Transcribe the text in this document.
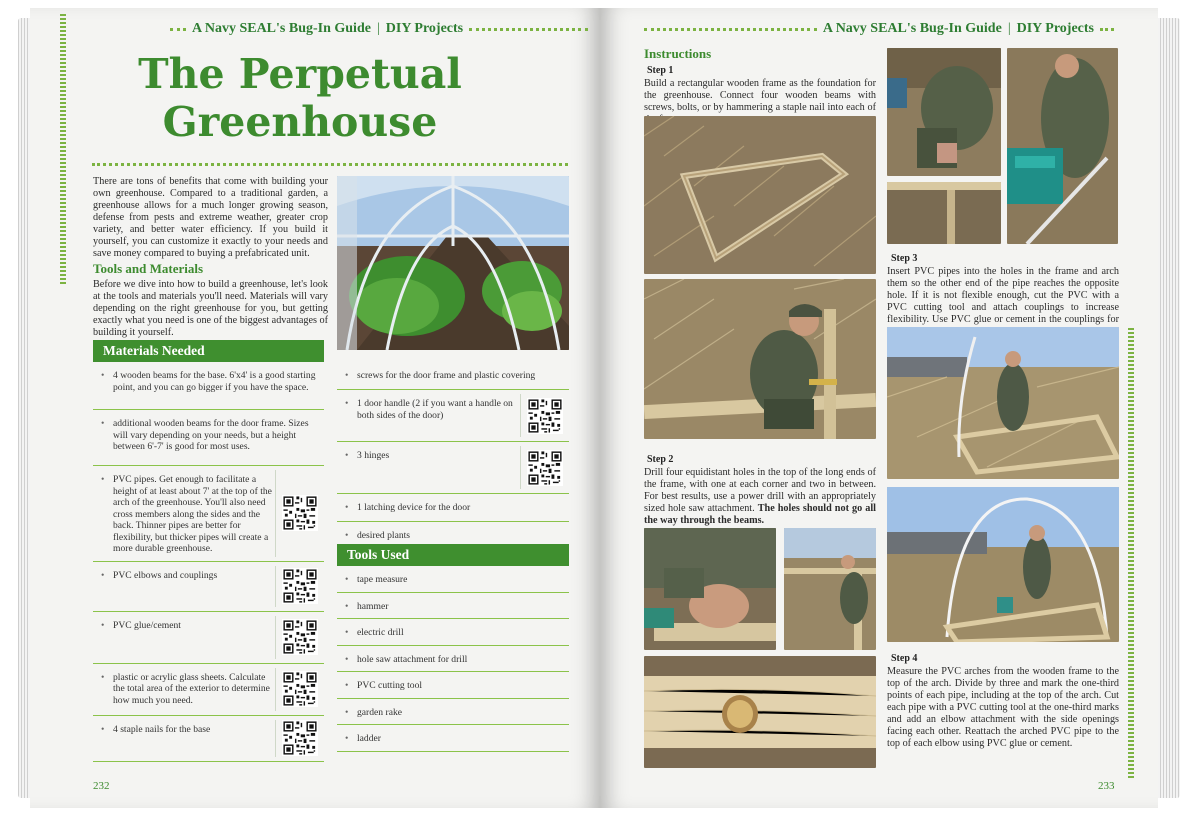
A Navy SEAL's Bug-In Guide | DIY Projects
The Perpetual
Greenhouse
There are tons of benefits that come with building your own greenhouse. Compared to a traditional garden, a greenhouse allows for a much longer growing season, defense from pests and extreme weather, greater crop variety, and better water efficiency. If you build it yourself, you can customize it exactly to your needs and save money compared to buying a prefabricated unit.
Tools and Materials
Before we dive into how to build a greenhouse, let's look at the tools and materials you'll need. Materials will vary depending on the right greenhouse for you, but getting exactly what you need is one of the biggest advantages of building it yourself.
Materials Needed
• 4 wooden beams for the base. 6'x4' is a good starting point, and you can go bigger if you have the space.
• additional wooden beams for the door frame. Sizes will vary depending on your needs, but a height between 6'-7' is good for most uses.
• PVC pipes. Get enough to facilitate a height of at least about 7' at the top of the arch of the greenhouse. You'll also need cross members along the sides and the back. Thinner pipes are better for flexibility, but thicker pipes will create a more durable greenhouse.
• PVC elbows and couplings
• PVC glue/cement
• plastic or acrylic glass sheets. Calculate the total area of the exterior to determine how much you need.
• 4 staple nails for the base
• screws for the door frame and plastic covering
• 1 door handle (2 if you want a handle on both sides of the door)
• 3 hinges
• 1 latching device for the door
• desired plants
Tools Used
• tape measure
• hammer
• electric drill
• hole saw attachment for drill
• PVC cutting tool
• garden rake
• ladder
232
A Navy SEAL's Bug-In Guide | DIY Projects
Instructions
Step 1
Build a rectangular wooden frame as the foundation for the greenhouse. Connect four wooden beams with screws, bolts, or by hammering a staple nail into each of
Step 2
Drill four equidistant holes in the top of the long ends of the frame, with one at each corner and two in between. For best results, use a power drill with an appropriately sized hole saw attachment. The holes should not go all the way through the beams.
Step 3
Insert PVC pipes into the holes in the frame and arch them so the other end of the pipe reaches the opposite hole. If it is not flexible enough, cut the PVC with a PVC cutting tool and attach couplings to increase flexibility. Use PVC glue or cement in the couplings for
Step 4
Measure the PVC arches from the wooden frame to the top of the arch. Divide by three and mark the one-third points of each pipe, including at the top of the arch. Cut each pipe with a PVC cutting tool at the one-third marks and add an elbow attachment with the side openings facing each other. Reattach the arched PVC pipe to the top of each elbow using PVC glue or cement.
233
